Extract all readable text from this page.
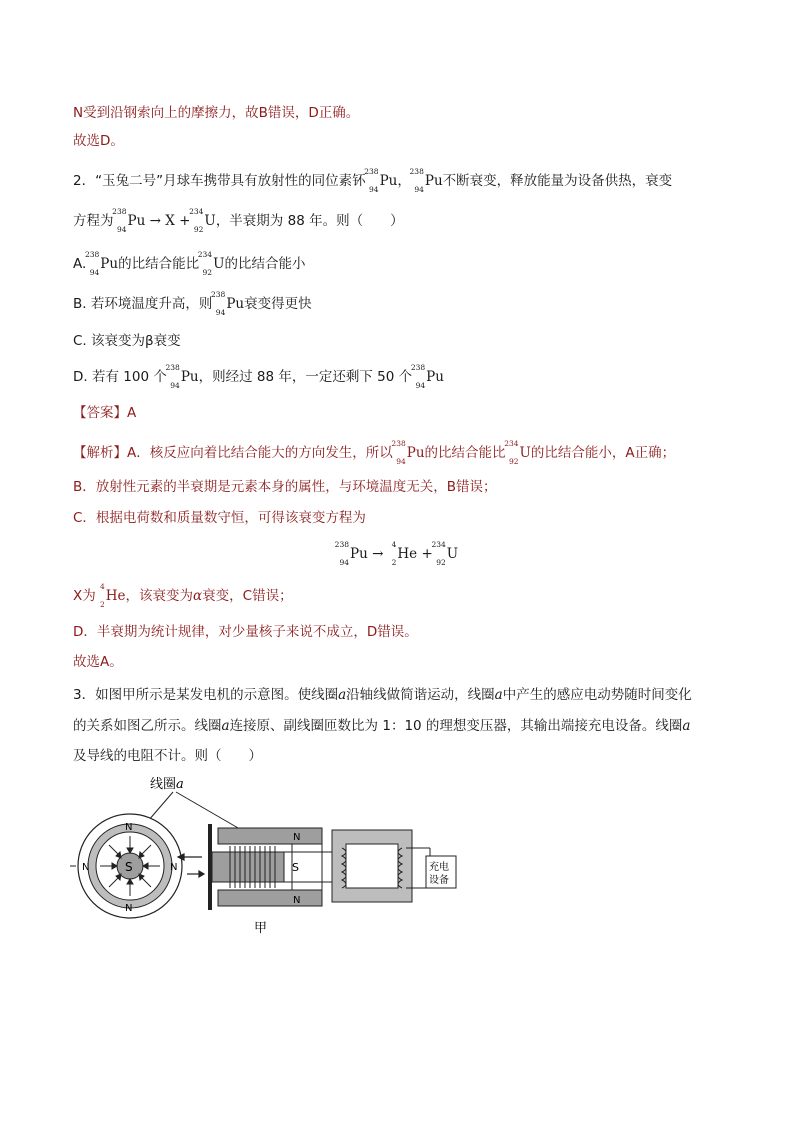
N受到沿钢索向上的摩擦力，故B错误，D正确。
故选D。
2．“玉兔二号”月球车携带具有放射性的同位素钚
238
94
Pu，
238
94
Pu不断衰变，释放能量为设备供热，衰变
方程为
238
94
Pu → X +
234
92
U，半衰期为 88 年。则（　　）
A.
238
94
Pu的比结合能比
234
92
U的比结合能小
B. 若环境温度升高，则
238
94
Pu衰变得更快
C. 该衰变为β衰变
D. 若有 100 个
238
94
Pu，则经过 88 年，一定还剩下 50 个
238
94
Pu
【答案】A
【解析】A．核反应向着比结合能大的方向发生，所以
238
94
Pu的比结合能比
234
92
U的比结合能小，A正确；
B．放射性元素的半衰期是元素本身的属性，与环境温度无关，B错误；
C．根据电荷数和质量数守恒，可得该衰变方程为
238
94
Pu →
4
2
He +
234
92
U
X为
4
2
He，该衰变为α衰变，C错误；
D．半衰期为统计规律，对少量核子来说不成立，D错误。
故选A。
3．如图甲所示是某发电机的示意图。使线圈a沿轴线做简谐运动，线圈a中产生的感应电动势随时间变化
的关系如图乙所示。线圈a连接原、副线圈匝数比为 1：10 的理想变压器，其输出端接充电设备。线圈a
及导线的电阻不计。则（　　）
线圈a
S
N	N
N
N
N
N
S	充电
设备
甲
